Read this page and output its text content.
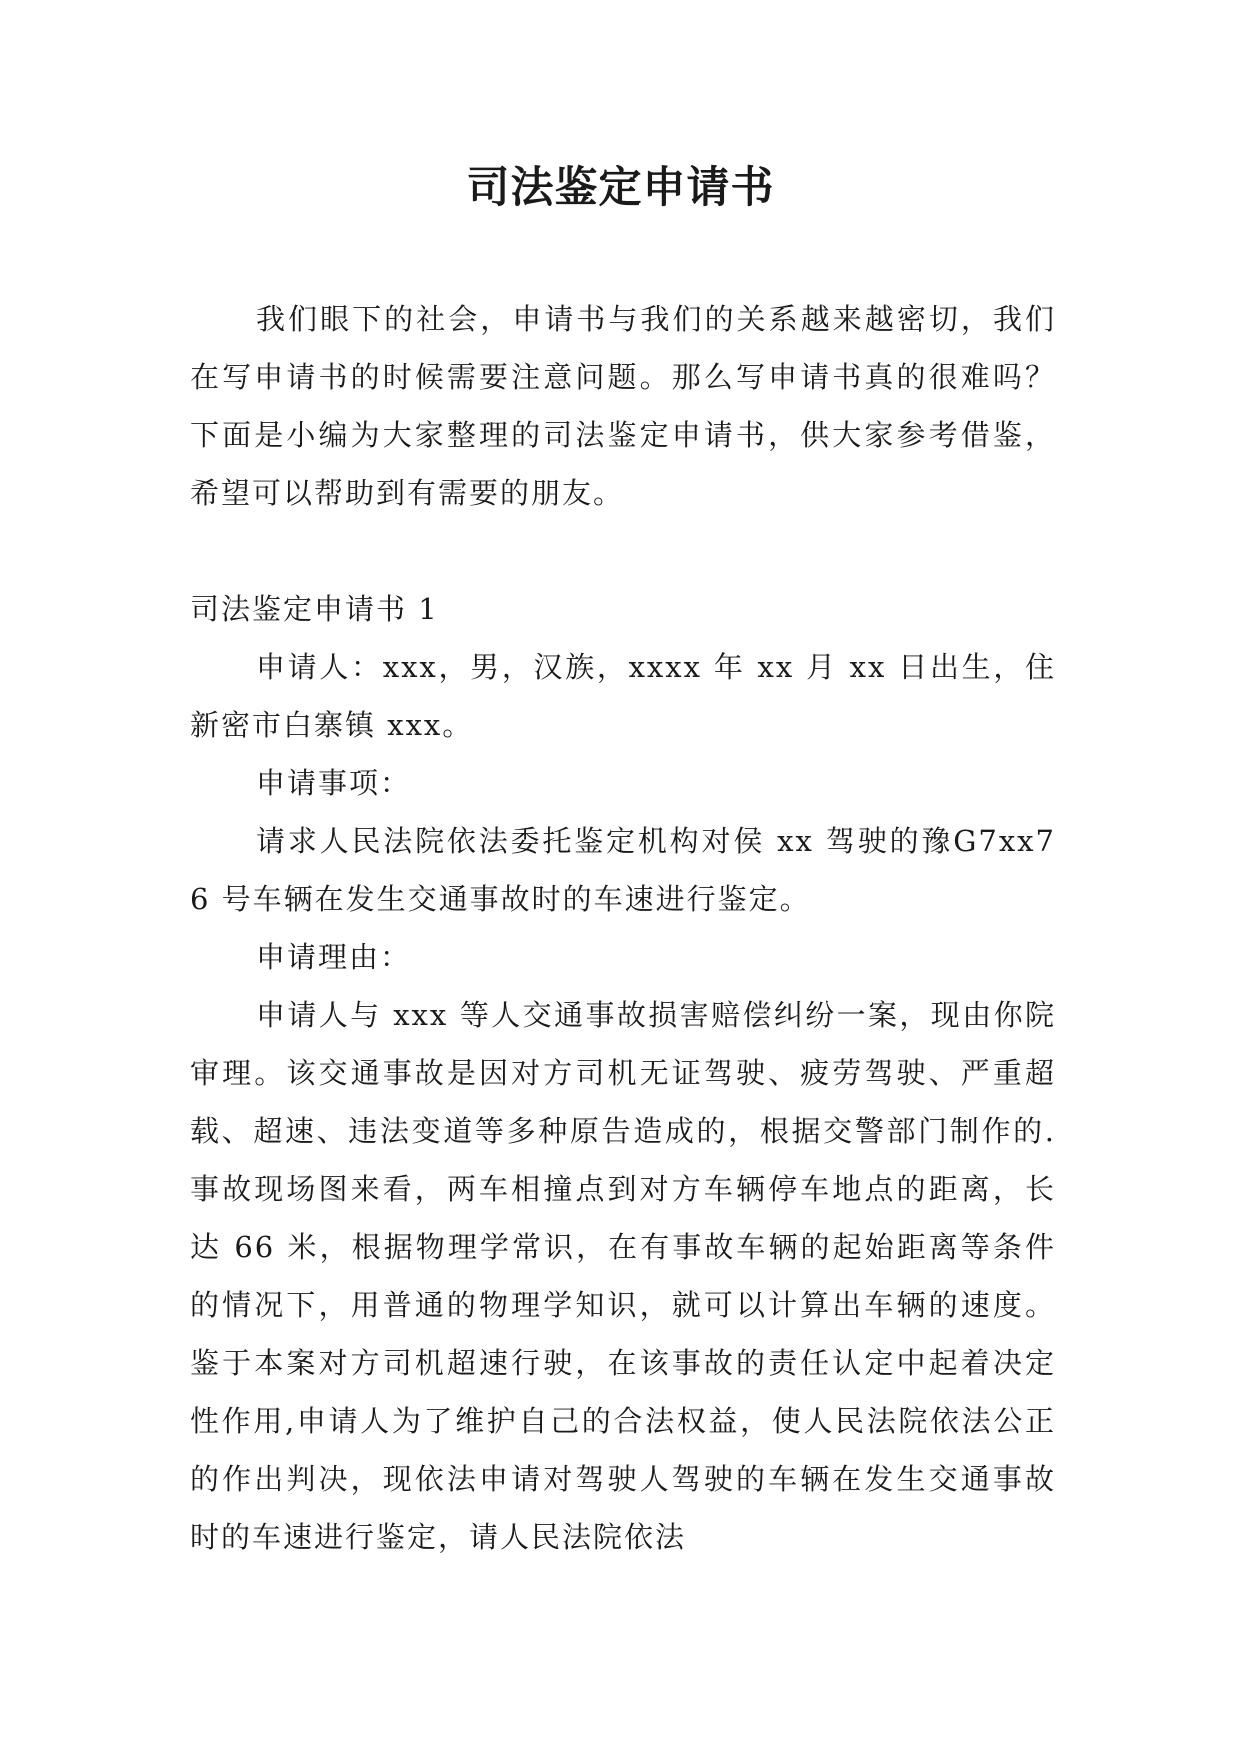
司法鉴定申请书

我们眼下的社会，申请书与我们的关系越来越密切，我们在写申请书的时候需要注意问题。那么写申请书真的很难吗？下面是小编为大家整理的司法鉴定申请书，供大家参考借鉴，希望可以帮助到有需要的朋友。

司法鉴定申请书 1

申请人：xxx，男，汉族，xxxx 年 xx 月 xx 日出生，住新密市白寨镇 xxx。

申请事项：

请求人民法院依法委托鉴定机构对侯 xx 驾驶的豫G7xx76 号车辆在发生交通事故时的车速进行鉴定。

申请理由：

申请人与 xxx 等人交通事故损害赔偿纠纷一案，现由你院审理。该交通事故是因对方司机无证驾驶、疲劳驾驶、严重超载、超速、违法变道等多种原告造成的，根据交警部门制作的.事故现场图来看，两车相撞点到对方车辆停车地点的距离，长达 66 米，根据物理学常识，在有事故车辆的起始距离等条件的情况下，用普通的物理学知识，就可以计算出车辆的速度。鉴于本案对方司机超速行驶，在该事故的责任认定中起着决定性作用,申请人为了维护自己的合法权益，使人民法院依法公正的作出判决，现依法申请对驾驶人驾驶的车辆在发生交通事故时的车速进行鉴定，请人民法院依法
